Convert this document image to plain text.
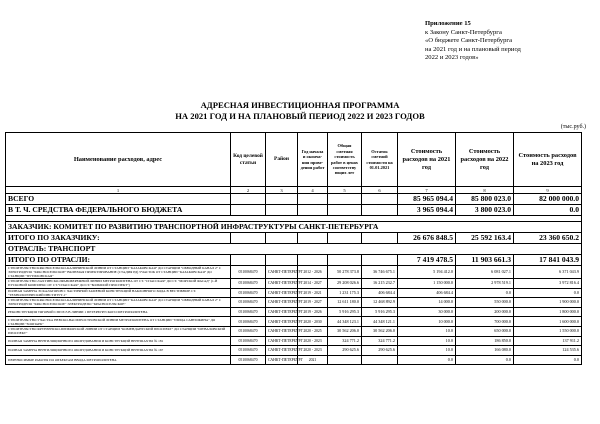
Приложение 15
к Закону Санкт-Петербурга
«О бюджете Санкт-Петербурга
на 2021 год и на плановый период
2022 и 2023 годов»
АДРЕСНАЯ ИНВЕСТИЦИОННАЯ ПРОГРАММА
НА 2021 ГОД И НА ПЛАНОВЫЙ ПЕРИОД 2022 И 2023 ГОДОВ
(тыс.руб.)
Наименование расходов, адрес	Код целевой статьи	Район	Год начала и оконча- ния прове- дения работ	Общая сметная стоимость работ в ценах соответству ющих лет	Остаток сметной стоимости на 01.01.2021	Стоимость расходов на 2021 год	Стоимость расходов на 2022 год	Стоимость расходов на 2023 год
1	2	3	4	5	6	7	8	9
ВСЕГО						85 965 094.4	85 800 023.0	82 000 000.0
В Т. Ч. СРЕДСТВА ФЕДЕРАЛЬНОГО БЮДЖЕТА						3 965 094.4	3 800 023.0	0.0

ЗАКАЗЧИК: КОМИТЕТ ПО РАЗВИТИЮ ТРАНСПОРТНОЙ ИНФРАСТРУКТУРЫ САНКТ-ПЕТЕРБУРГА								
ИТОГО ПО ЗАКАЗЧИКУ:						26 676 848.5	25 592 163.4	23 360 650.2
ОТРАСЛЬ: ТРАНСПОРТ								
ИТОГО ПО ОТРАСЛИ:						7 419 478.5	11 903 661.3	17 841 043.9
СТРОИТЕЛЬСТВО КРАСНОСЕЛЬСКО-КАЛИНИНСКОЙ ЛИНИИ ОТ СТАНЦИИ "КАЗАКОВСКАЯ" ДО СТАНЦИИ "ОБВОДНЫЙ КАНАЛ 2" С ЭЛЕКТРОДЕПО "КРАСНОСЕЛЬСКОЕ" ВКЛЮЧАЯ ПРОЕКТИРОВАНИЕ (СТАДИЯ РД) УЧАСТОК ОТ СТАНЦИИ "КАЗАКОВСКАЯ" ДО СТАНЦИИ "ПУТИЛОВСКАЯ"	0510068470	САНКТ-ПЕТЕРБУРГ	2012 - 2026	50 278 373.8	36 746 675.1	5 194 412.0	6 081 027.1	6 371 043.9
СТРОИТЕЛЬСТВО ЛАХТИНСКО-ПРАВОБЕРЕЖНОЙ ЛИНИИ МЕТРОПОЛИТЕНА ОТ СТ. "СПАССКАЯ" ДО СТ. "МОРСКОЙ ФАСАД" (1-Й ПУСКОВОЙ КОМПЛЕКС ОТ СТ."СПАССКАЯ" ДО СТ."БОЛЬШОЙ ПРОСПЕКТ")	0510068470	САНКТ-ПЕТЕРБУРГ	2014 - 2027	29 208 026.6	16 215 232.7	1 150 000.0	2 978 519.1	3 972 816.4
ПОЛНАЯ ЗАМЕНА ЭСКАЛАТОРОВ С ЧАСТИЧНОЙ ЗАМЕНОЙ КОНСТРУКЦИЙ НАКЛОННОГО ХОДА В ВЕСТИБЮЛЕ СТ. "ТЕХНОЛОГИЧЕСКИЙ ИНСТИТУТ-1"	0510068470	САНКТ-ПЕТЕРБУРГ	2019 - 2021	1 231 175.3	406 684.4	406 684.4	0.0	0.0
СТРОИТЕЛЬСТВО КРАСНОСЕЛЬСКО-КАЛИНИНСКОЙ ЛИНИИ ОТ СТАНЦИИ "КАЗАКОВСКАЯ" ДО СТАНЦИИ "ОБВОДНЫЙ КАНАЛ 2" С ЭЛЕКТРОДЕПО "КРАСНОСЕЛЬСКОЕ" ЭЛЕКТРОДЕПО "КРАСНОСЕЛЬСКОЕ"	0510068470	САНКТ-ПЕТЕРБУРГ	2019 - 2027	12 611 180.0	12 468 892.9	14 000.0	550 000.0	1 900 000.0
РЕКОНСТРУКЦИЯ ТЯГОВОЙ СПП 815 В ЛИНИИ 1 ПЕТЕРБУРГСКОГО МЕТРОПОЛИТЕНА	0510068470	САНКТ-ПЕТЕРБУРГ	2019 - 2026	5 916 295.3	5 916 295.3	30 000.0	200 000.0	1 800 000.0
СТРОИТЕЛЬСТВО УЧАСТКА НЕВСКО-ВАСИЛЕОСТРОВСКОЙ ЛИНИИ МЕТРОПОЛИТЕНА ОТ СТАНЦИИ "УЛИЦА САВУШКИНА" ДО СТАНЦИИ "ЗООПАРК"	0510068470	САНКТ-ПЕТЕРБУРГ	2020 - 2030	44 348 123.1	44 348 121.1	10 000.0	700 000.0	1 600 000.0
СТРОИТЕЛЬСТВО ФРУНЗЕНСКО-ПРИМОРСКОЙ ЛИНИИ ОТ СТАНЦИИ "КОМЕНДАНТСКИЙ ПРОСПЕКТ" ДО СТАНЦИИ "ШУВАЛОВСКИЙ ПРОСПЕКТ"	0510068470	САНКТ-ПЕТЕРБУРГ	2020 - 2025	30 562 206.0	30 562 206.0	10.0	650 000.0	1 550 000.0
ПОЛНАЯ ЗАМЕНА ВЕНТИЛЯЦИОННОГО ОБОРУДОВАНИЯ И КОНСТРУКЦИЙ ВЕНТШАХТЫ № 181	0510068470	САНКТ-ПЕТЕРБУРГ	2020 - 2023	324 771.2	324 771.2	10.0	186 850.0	137 911.2
ПОЛНАЯ ЗАМЕНА ВЕНТИЛЯЦИОННОГО ОБОРУДОВАНИЯ И КОНСТРУКЦИЙ ВЕНТШАХТЫ № 167	0510068470	САНКТ-ПЕТЕРБУРГ	2020 - 2023	290 625.6	290 625.6	10.0	166 080.0	124 535.6
ПЕРЕНОСИМЫЕ РАБОТЫ ПО ОБЪЕКТАМ ВВОДА МЕТРОПОЛИТЕНА	0510068470	САНКТ-ПЕТЕРБУРГ	2021			0.0	0.0	0.0
